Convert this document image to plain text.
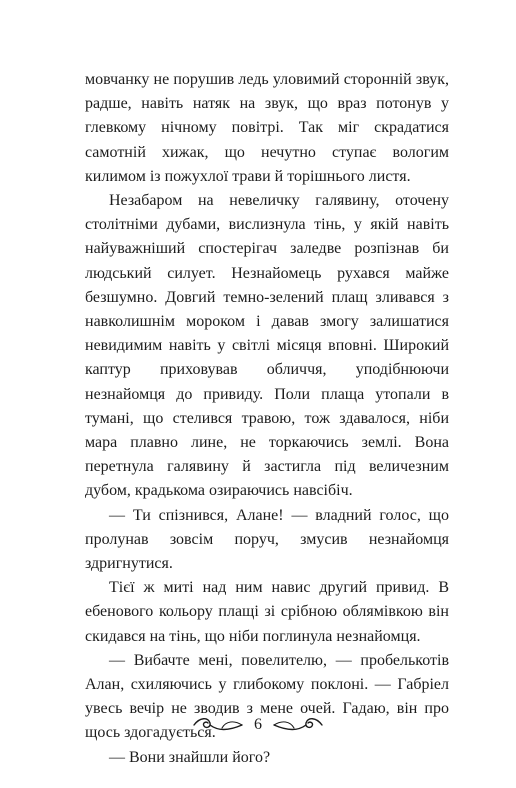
мовчанку не порушив ледь уловимий сторонній звук, радше, навіть натяк на звук, що враз потонув у глевкому нічному повітрі. Так міг скрадатися самотній хижак, що нечутно ступає вологим килимом із пожухлої трави й торішнього листя.

Незабаром на невеличку галявину, оточену столітніми дубами, вислизнула тінь, у якій навіть найуважніший спостерігач заледве розпізнав би людський силует. Незнайомець рухався майже безшумно. Довгий темно-зелений плащ зливався з навколишнім мороком і давав змогу залишатися невидимим навіть у світлі місяця вповні. Широкий каптур приховував обличчя, уподібнюючи незнайомця до привиду. Поли плаща утопали в тумані, що стелився травою, тож здавалося, ніби мара плавно лине, не торкаючись землі. Вона перетнула галявину й застигла під величезним дубом, крадькома озираючись навсібіч.

— Ти спізнився, Алане! — владний голос, що пролунав зовсім поруч, змусив незнайомця здригнутися.

Тієї ж миті над ним навис другий привид. В ебенового кольору плащі зі срібною облямівкою він скидався на тінь, що ніби поглинула незнайомця.

— Вибачте мені, повелителю, — пробелькотів Алан, схиляючись у глибокому поклоні. — Габріел увесь вечір не зводив з мене очей. Гадаю, він про щось здогадується.

— Вони знайшли його?

6
